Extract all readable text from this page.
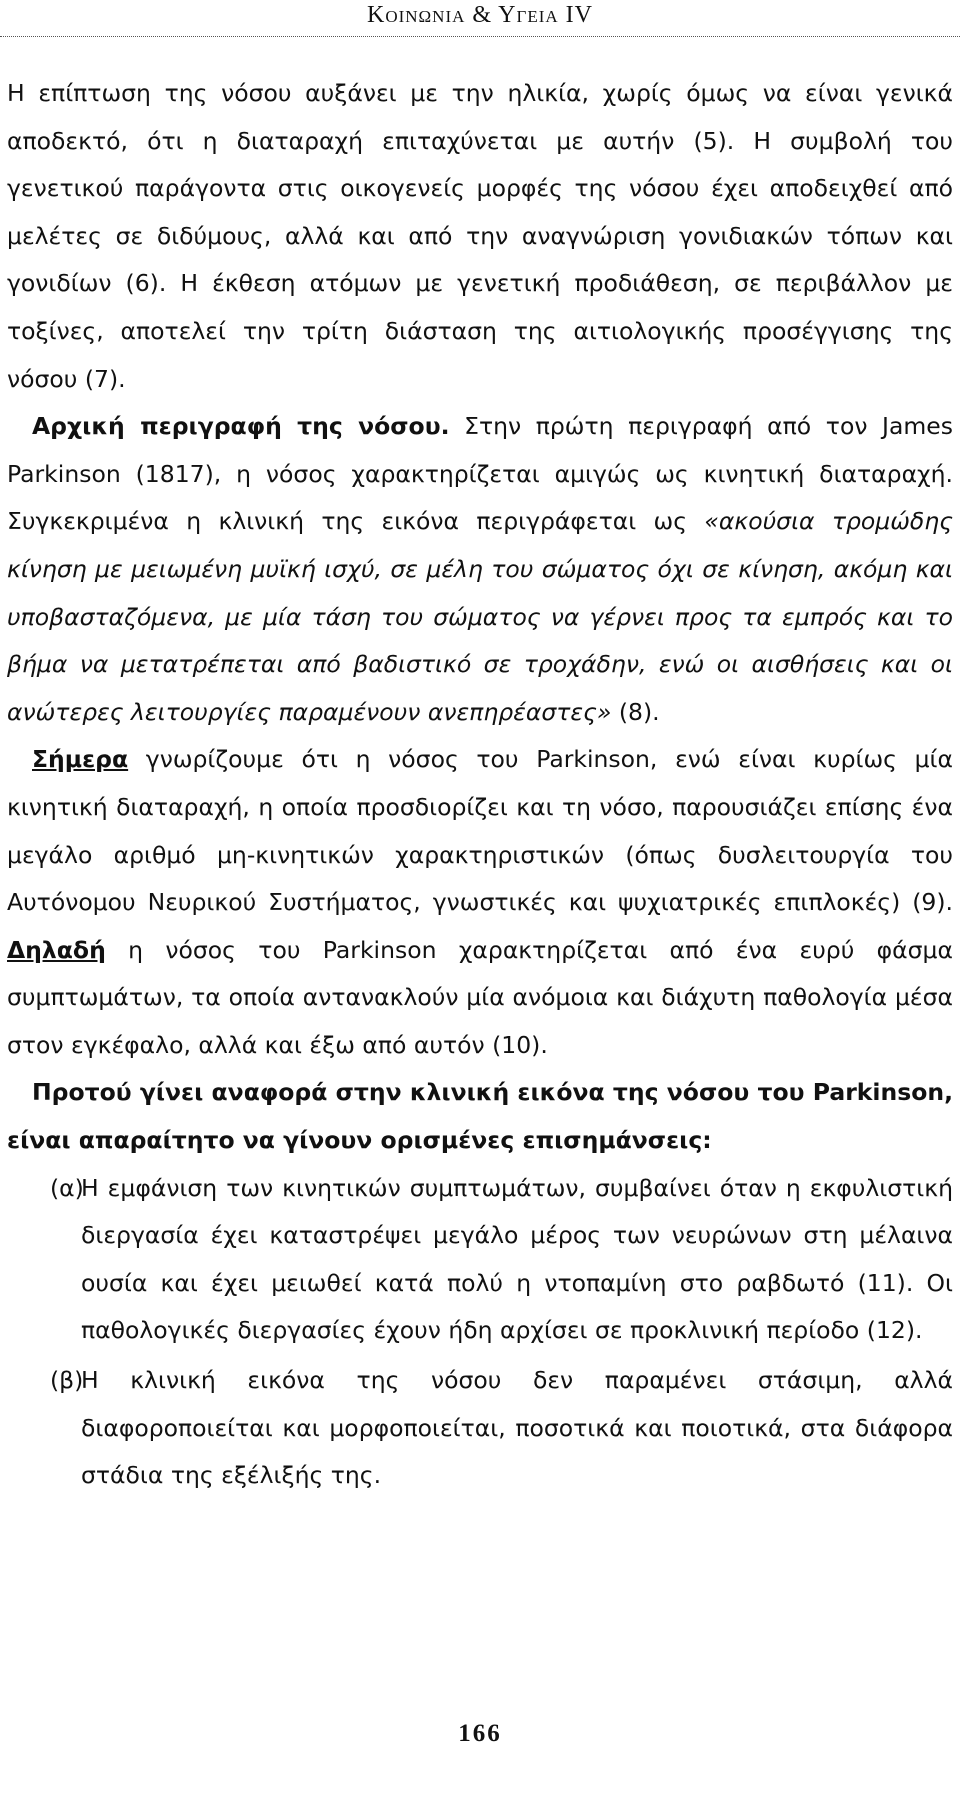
Κοινωνια & Υγεια IV

Η επίπτωση της νόσου αυξάνει με την ηλικία, χωρίς όμως να είναι γενικά αποδεκτό, ότι η διαταραχή επιταχύνεται με αυτήν (5). Η συμβολή του γενετικού παράγοντα στις οικογενείς μορφές της νόσου έχει αποδειχθεί από μελέτες σε διδύμους, αλλά και από την αναγνώριση γονιδιακών τόπων και γονιδίων (6). Η έκθεση ατόμων με γενετική προδιάθεση, σε περιβάλλον με τοξίνες, αποτελεί την τρίτη διάσταση της αιτιολογικής προσέγγισης της νόσου (7).

Αρχική περιγραφή της νόσου. Στην πρώτη περιγραφή από τον James Parkinson (1817), η νόσος χαρακτηρίζεται αμιγώς ως κινητική διαταραχή. Συγκεκριμένα η κλινική της εικόνα περιγράφεται ως «ακούσια τρομώδης κίνηση με μειωμένη μυϊκή ισχύ, σε μέλη του σώματος όχι σε κίνηση, ακόμη και υποβασταζόμενα, με μία τάση του σώματος να γέρνει προς τα εμπρός και το βήμα να μετατρέπεται από βαδιστικό σε τροχάδην, ενώ οι αισθήσεις και οι ανώτερες λειτουργίες παραμένουν ανεπηρέαστες» (8).

Σήμερα γνωρίζουμε ότι η νόσος του Parkinson, ενώ είναι κυρίως μία κινητική διαταραχή, η οποία προσδιορίζει και τη νόσο, παρουσιάζει επίσης ένα μεγάλο αριθμό μη-κινητικών χαρακτηριστικών (όπως δυσλειτουργία του Αυτόνομου Νευρικού Συστήματος, γνωστικές και ψυχιατρικές επιπλοκές) (9). Δηλαδή η νόσος του Parkinson χαρακτηρίζεται από ένα ευρύ φάσμα συμπτωμάτων, τα οποία αντανακλούν μία ανόμοια και διάχυτη παθολογία μέσα στον εγκέφαλο, αλλά και έξω από αυτόν (10).

Προτού γίνει αναφορά στην κλινική εικόνα της νόσου του Parkinson, είναι απαραίτητο να γίνουν ορισμένες επισημάνσεις:

(α)
Η εμφάνιση των κινητικών συμπτωμάτων, συμβαίνει όταν η εκφυλιστική διεργασία έχει καταστρέψει μεγάλο μέρος των νευρώνων στη μέλαινα ουσία και έχει μειωθεί κατά πολύ η ντοπαμίνη στο ραβδωτό (11). Οι παθολογικές διεργασίες έχουν ήδη αρχίσει σε προκλινική περίοδο (12).
(β)
Η κλινική εικόνα της νόσου δεν παραμένει στάσιμη, αλλά διαφοροποιείται και μορφοποιείται, ποσοτικά και ποιοτικά, στα διάφορα στάδια της εξέλιξής της.
166
